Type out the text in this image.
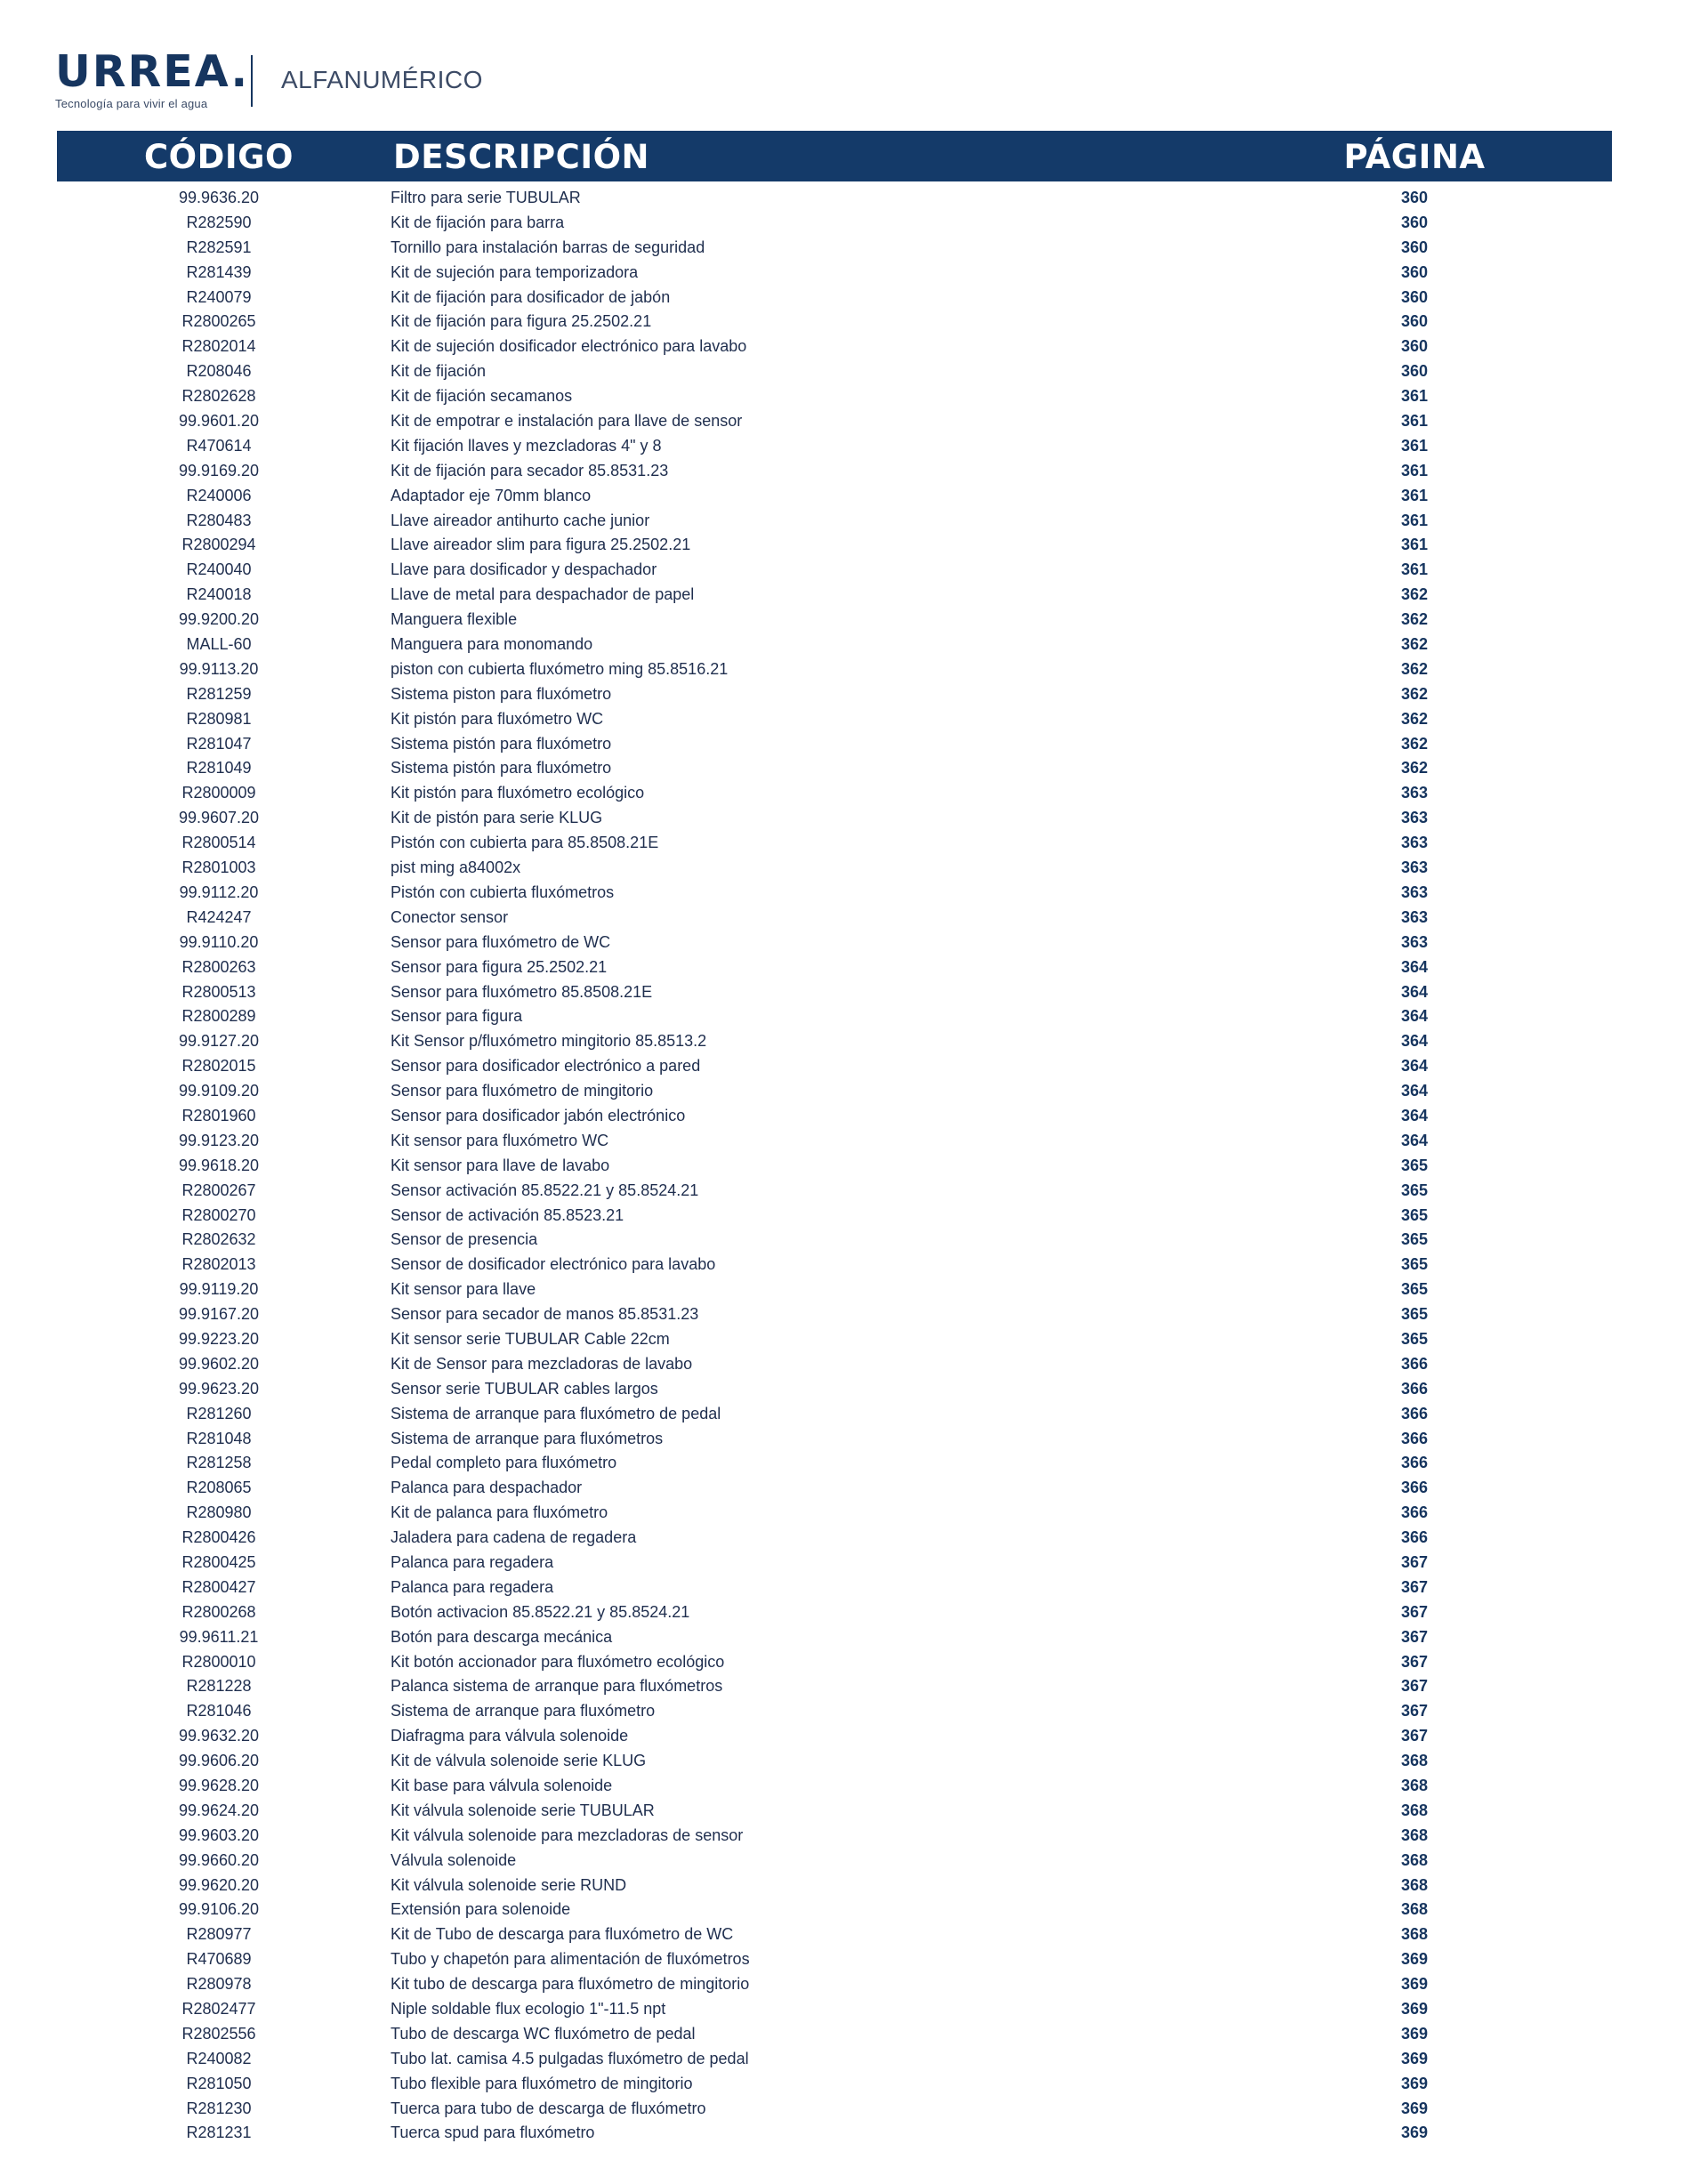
URREA.
Tecnología para vivir el agua
ALFANUMÉRICO
CÓDIGO	DESCRIPCIÓN	PÁGINA
99.9636.20	Filtro para serie TUBULAR	360
R282590	Kit de fijación para barra	360
R282591	Tornillo para instalación barras de seguridad	360
R281439	Kit de sujeción para temporizadora	360
R240079	Kit de fijación para dosificador de jabón	360
R2800265	Kit de fijación para figura 25.2502.21	360
R2802014	Kit de sujeción dosificador electrónico para lavabo	360
R208046	Kit de fijación	360
R2802628	Kit de fijación secamanos	361
99.9601.20	Kit de empotrar e instalación para llave de sensor	361
R470614	Kit fijación llaves y mezcladoras 4" y 8	361
99.9169.20	Kit de fijación para secador 85.8531.23	361
R240006	Adaptador eje 70mm blanco	361
R280483	Llave aireador antihurto cache junior	361
R2800294	Llave aireador slim para figura 25.2502.21	361
R240040	Llave para dosificador y despachador	361
R240018	Llave de metal para despachador de papel	362
99.9200.20	Manguera flexible	362
MALL-60	Manguera para monomando	362
99.9113.20	piston con cubierta fluxómetro ming 85.8516.21	362
R281259	Sistema piston para fluxómetro	362
R280981	Kit pistón para fluxómetro WC	362
R281047	Sistema pistón para fluxómetro	362
R281049	Sistema pistón para fluxómetro	362
R2800009	Kit pistón para fluxómetro ecológico	363
99.9607.20	Kit de pistón para serie KLUG	363
R2800514	Pistón con cubierta para 85.8508.21E	363
R2801003	pist ming a84002x	363
99.9112.20	Pistón con cubierta fluxómetros	363
R424247	Conector sensor	363
99.9110.20	Sensor para fluxómetro de WC	363
R2800263	Sensor para figura 25.2502.21	364
R2800513	Sensor para fluxómetro 85.8508.21E	364
R2800289	Sensor para figura	364
99.9127.20	Kit Sensor p/fluxómetro mingitorio 85.8513.2	364
R2802015	Sensor para dosificador electrónico a pared	364
99.9109.20	Sensor para fluxómetro de mingitorio	364
R2801960	Sensor para dosificador jabón electrónico	364
99.9123.20	Kit sensor para fluxómetro WC	364
99.9618.20	Kit sensor para llave de lavabo	365
R2800267	Sensor activación 85.8522.21 y 85.8524.21	365
R2800270	Sensor de activación 85.8523.21	365
R2802632	Sensor de presencia	365
R2802013	Sensor de dosificador electrónico para lavabo	365
99.9119.20	Kit sensor para llave	365
99.9167.20	Sensor para secador de manos 85.8531.23	365
99.9223.20	Kit sensor serie TUBULAR Cable 22cm	365
99.9602.20	Kit de Sensor para mezcladoras de lavabo	366
99.9623.20	Sensor serie TUBULAR cables largos	366
R281260	Sistema de arranque para fluxómetro de pedal	366
R281048	Sistema de arranque para fluxómetros	366
R281258	Pedal completo para fluxómetro	366
R208065	Palanca para despachador	366
R280980	Kit de palanca para fluxómetro	366
R2800426	Jaladera para cadena de regadera	366
R2800425	Palanca para regadera	367
R2800427	Palanca para regadera	367
R2800268	Botón activacion 85.8522.21 y 85.8524.21	367
99.9611.21	Botón para descarga mecánica	367
R2800010	Kit botón accionador para fluxómetro ecológico	367
R281228	Palanca sistema de arranque para fluxómetros	367
R281046	Sistema de arranque para fluxómetro	367
99.9632.20	Diafragma para válvula solenoide	367
99.9606.20	Kit de válvula solenoide serie KLUG	368
99.9628.20	Kit base para válvula solenoide	368
99.9624.20	Kit válvula solenoide serie TUBULAR	368
99.9603.20	Kit válvula solenoide para mezcladoras de sensor	368
99.9660.20	Válvula solenoide	368
99.9620.20	Kit válvula solenoide serie RUND	368
99.9106.20	Extensión para solenoide	368
R280977	Kit de Tubo de descarga para fluxómetro de WC	368
R470689	Tubo y chapetón para alimentación de fluxómetros	369
R280978	Kit tubo de descarga para fluxómetro de mingitorio	369
R2802477	Niple soldable flux ecologio 1"-11.5 npt	369
R2802556	Tubo de descarga WC fluxómetro de pedal	369
R240082	Tubo lat. camisa 4.5 pulgadas fluxómetro de pedal	369
R281050	Tubo flexible para fluxómetro de mingitorio	369
R281230	Tuerca para tubo de descarga de fluxómetro	369
R281231	Tuerca spud para fluxómetro	369
